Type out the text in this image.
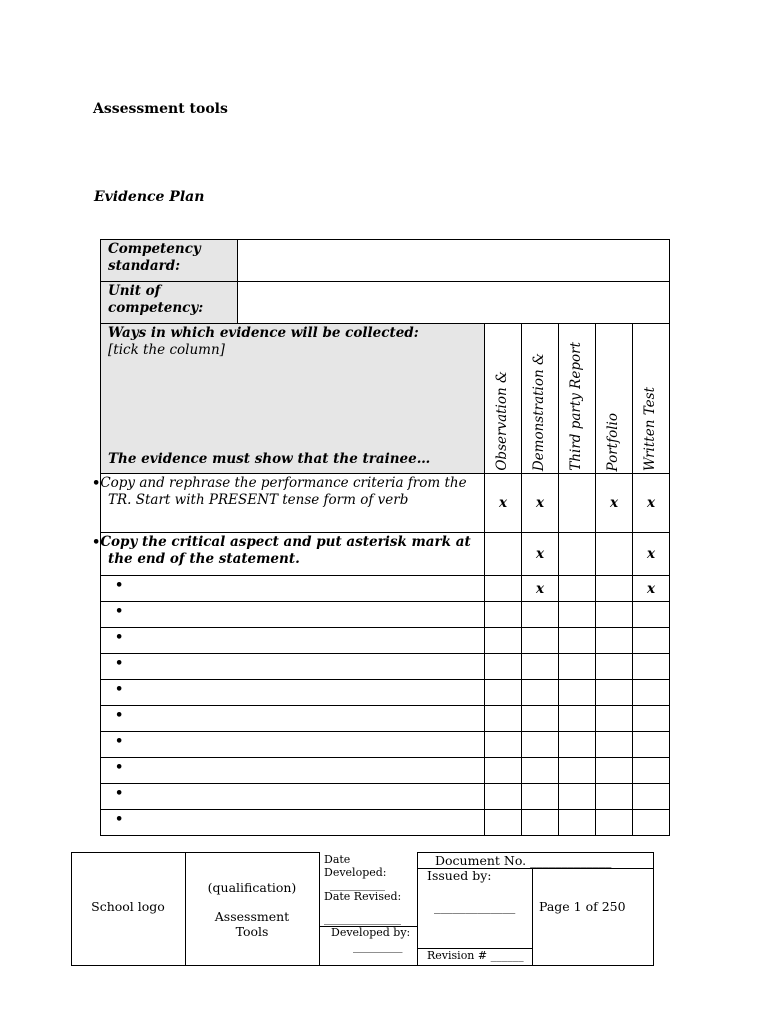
Assessment tools
Evidence Plan
Competency standard:	
Unit of competency:	
Ways in which evidence will be collected:
[tick the column]
The evidence must show that the trainee…	Observation &	Demonstration &	Third party Report	Portfolio	Written Test

•Copy and rephrase the performance criteria from the TR. Start with PRESENT tense form of verb	x	x		x	x
•Copy the critical aspect and put asterisk mark at the end of the statement.		x			x
•		x			x
•					
•					
•					
•					
•					
•					
•					
•					
•					
School logo
(qualification)
Assessment
Tools
Date
Developed:
__________
Date Revised:
______________
Developed by:
_________
___
Document No. _____________
Issued by:
_____________
Revision # ______
Page 1 of 250
